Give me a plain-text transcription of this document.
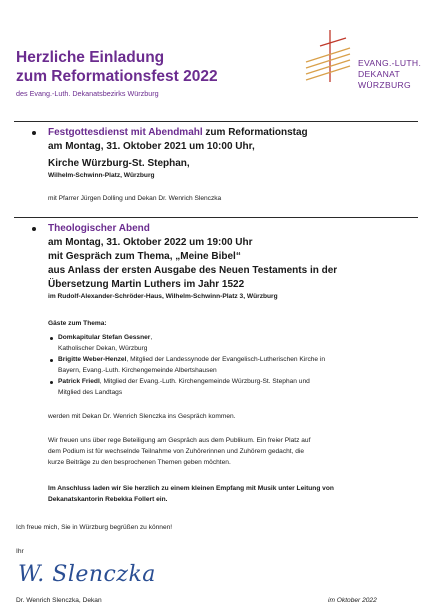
Herzliche Einladung
zum Reformationsfest 2022
des Evang.-Luth. Dekanatsbezirks Würzburg
EVANG.-LUTH.
DEKANAT
WÜRZBURG
Festgottesdienst mit Abendmahl zum Reformationstag
am Montag, 31. Oktober 2021 um 10:00 Uhr,
Kirche Würzburg-St. Stephan,
Wilhelm-Schwinn-Platz, Würzburg
mit Pfarrer Jürgen Dolling und Dekan Dr. Wenrich Slenczka
Theologischer Abend
am Montag, 31. Oktober 2022 um 19:00 Uhr
mit Gespräch zum Thema, „Meine Bibel“
aus Anlass der ersten Ausgabe des Neuen Testaments in der
Übersetzung Martin Luthers im Jahr 1522
im Rudolf-Alexander-Schröder-Haus, Wilhelm-Schwinn-Platz 3, Würzburg
Gäste zum Thema:
Domkapitular Stefan Gessner,
Katholischer Dekan, Würzburg
Brigitte Weber-Henzel, Mitglied der Landessynode der Evangelisch-Lutherischen Kirche in
Bayern, Evang.-Luth. Kirchengemeinde Albertshausen
Patrick Friedl, Mitglied der Evang.-Luth. Kirchengemeinde Würzburg-St. Stephan und
Mitglied des Landtags
werden mit Dekan Dr. Wenrich Slenczka ins Gespräch kommen.
Wir freuen uns über rege Beteiligung am Gespräch aus dem Publikum. Ein freier Platz auf
dem Podium ist für wechselnde Teilnahme von Zuhörerinnen und Zuhörern gedacht, die
kurze Beiträge zu den besprochenen Themen geben möchten.
Im Anschluss laden wir Sie herzlich zu einem kleinen Empfang mit Musik unter Leitung von
Dekanatskantorin Rebekka Follert ein.
Ich freue mich, Sie in Würzburg begrüßen zu können!
Ihr
W. Slenczka
Dr. Wenrich Slenczka, Dekan	im Oktober 2022
